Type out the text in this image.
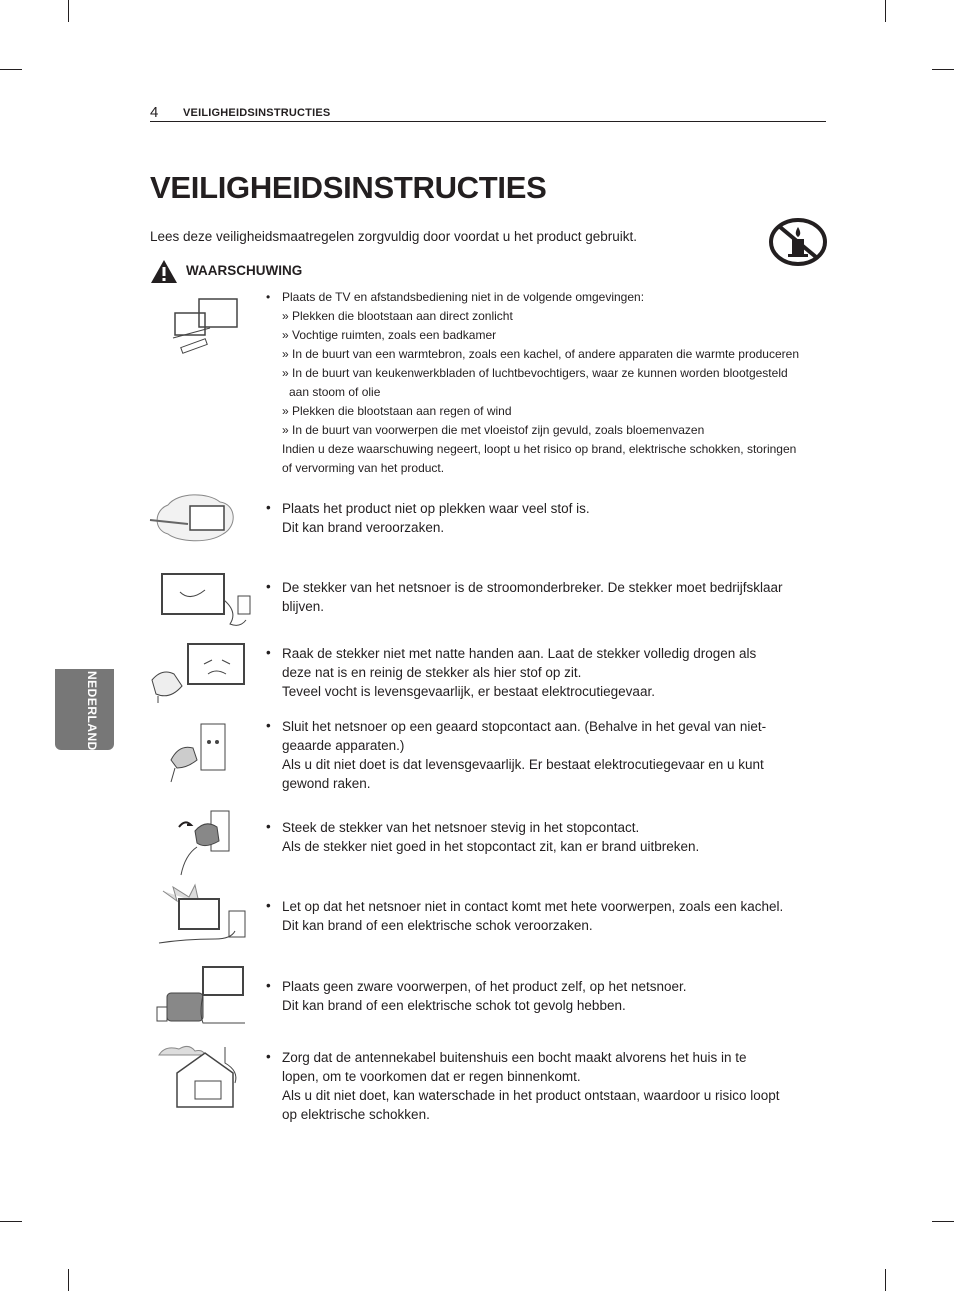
4 VEILIGHEIDSINSTRUCTIES
VEILIGHEIDSINSTRUCTIES
Lees deze veiligheidsmaatregelen zorgvuldig door voordat u het product gebruikt.
WAARSCHUWING
NEDERLANDS
• Plaats de TV en afstandsbediening niet in de volgende omgevingen:
» Plekken die blootstaan aan direct zonlicht
» Vochtige ruimten, zoals een badkamer
» In de buurt van een warmtebron, zoals een kachel, of andere apparaten die warmte produceren
» In de buurt van keukenwerkbladen of luchtbevochtigers, waar ze kunnen worden blootgesteld
aan stoom of olie
» Plekken die blootstaan aan regen of wind
» In de buurt van voorwerpen die met vloeistof zijn gevuld, zoals bloemenvazen
Indien u deze waarschuwing negeert, loopt u het risico op brand, elektrische schokken, storingen
of vervorming van het product.
• Plaats het product niet op plekken waar veel stof is.
Dit kan brand veroorzaken.
• De stekker van het netsnoer is de stroomonderbreker. De stekker moet bedrijfsklaar
blijven.
• Raak de stekker niet met natte handen aan. Laat de stekker volledig drogen als
deze nat is en reinig de stekker als hier stof op zit.
Teveel vocht is levensgevaarlijk, er bestaat elektrocutiegevaar.
• Sluit het netsnoer op een geaard stopcontact aan. (Behalve in het geval van niet-
geaarde apparaten.)
Als u dit niet doet is dat levensgevaarlijk. Er bestaat elektrocutiegevaar en u kunt
gewond raken.
• Steek de stekker van het netsnoer stevig in het stopcontact.
Als de stekker niet goed in het stopcontact zit, kan er brand uitbreken.
• Let op dat het netsnoer niet in contact komt met hete voorwerpen, zoals een kachel.
Dit kan brand of een elektrische schok veroorzaken.
• Plaats geen zware voorwerpen, of het product zelf, op het netsnoer.
Dit kan brand of een elektrische schok tot gevolg hebben.
• Zorg dat de antennekabel buitenshuis een bocht maakt alvorens het huis in te
lopen, om te voorkomen dat er regen binnenkomt.
Als u dit niet doet, kan waterschade in het product ontstaan, waardoor u risico loopt
op elektrische schokken.
